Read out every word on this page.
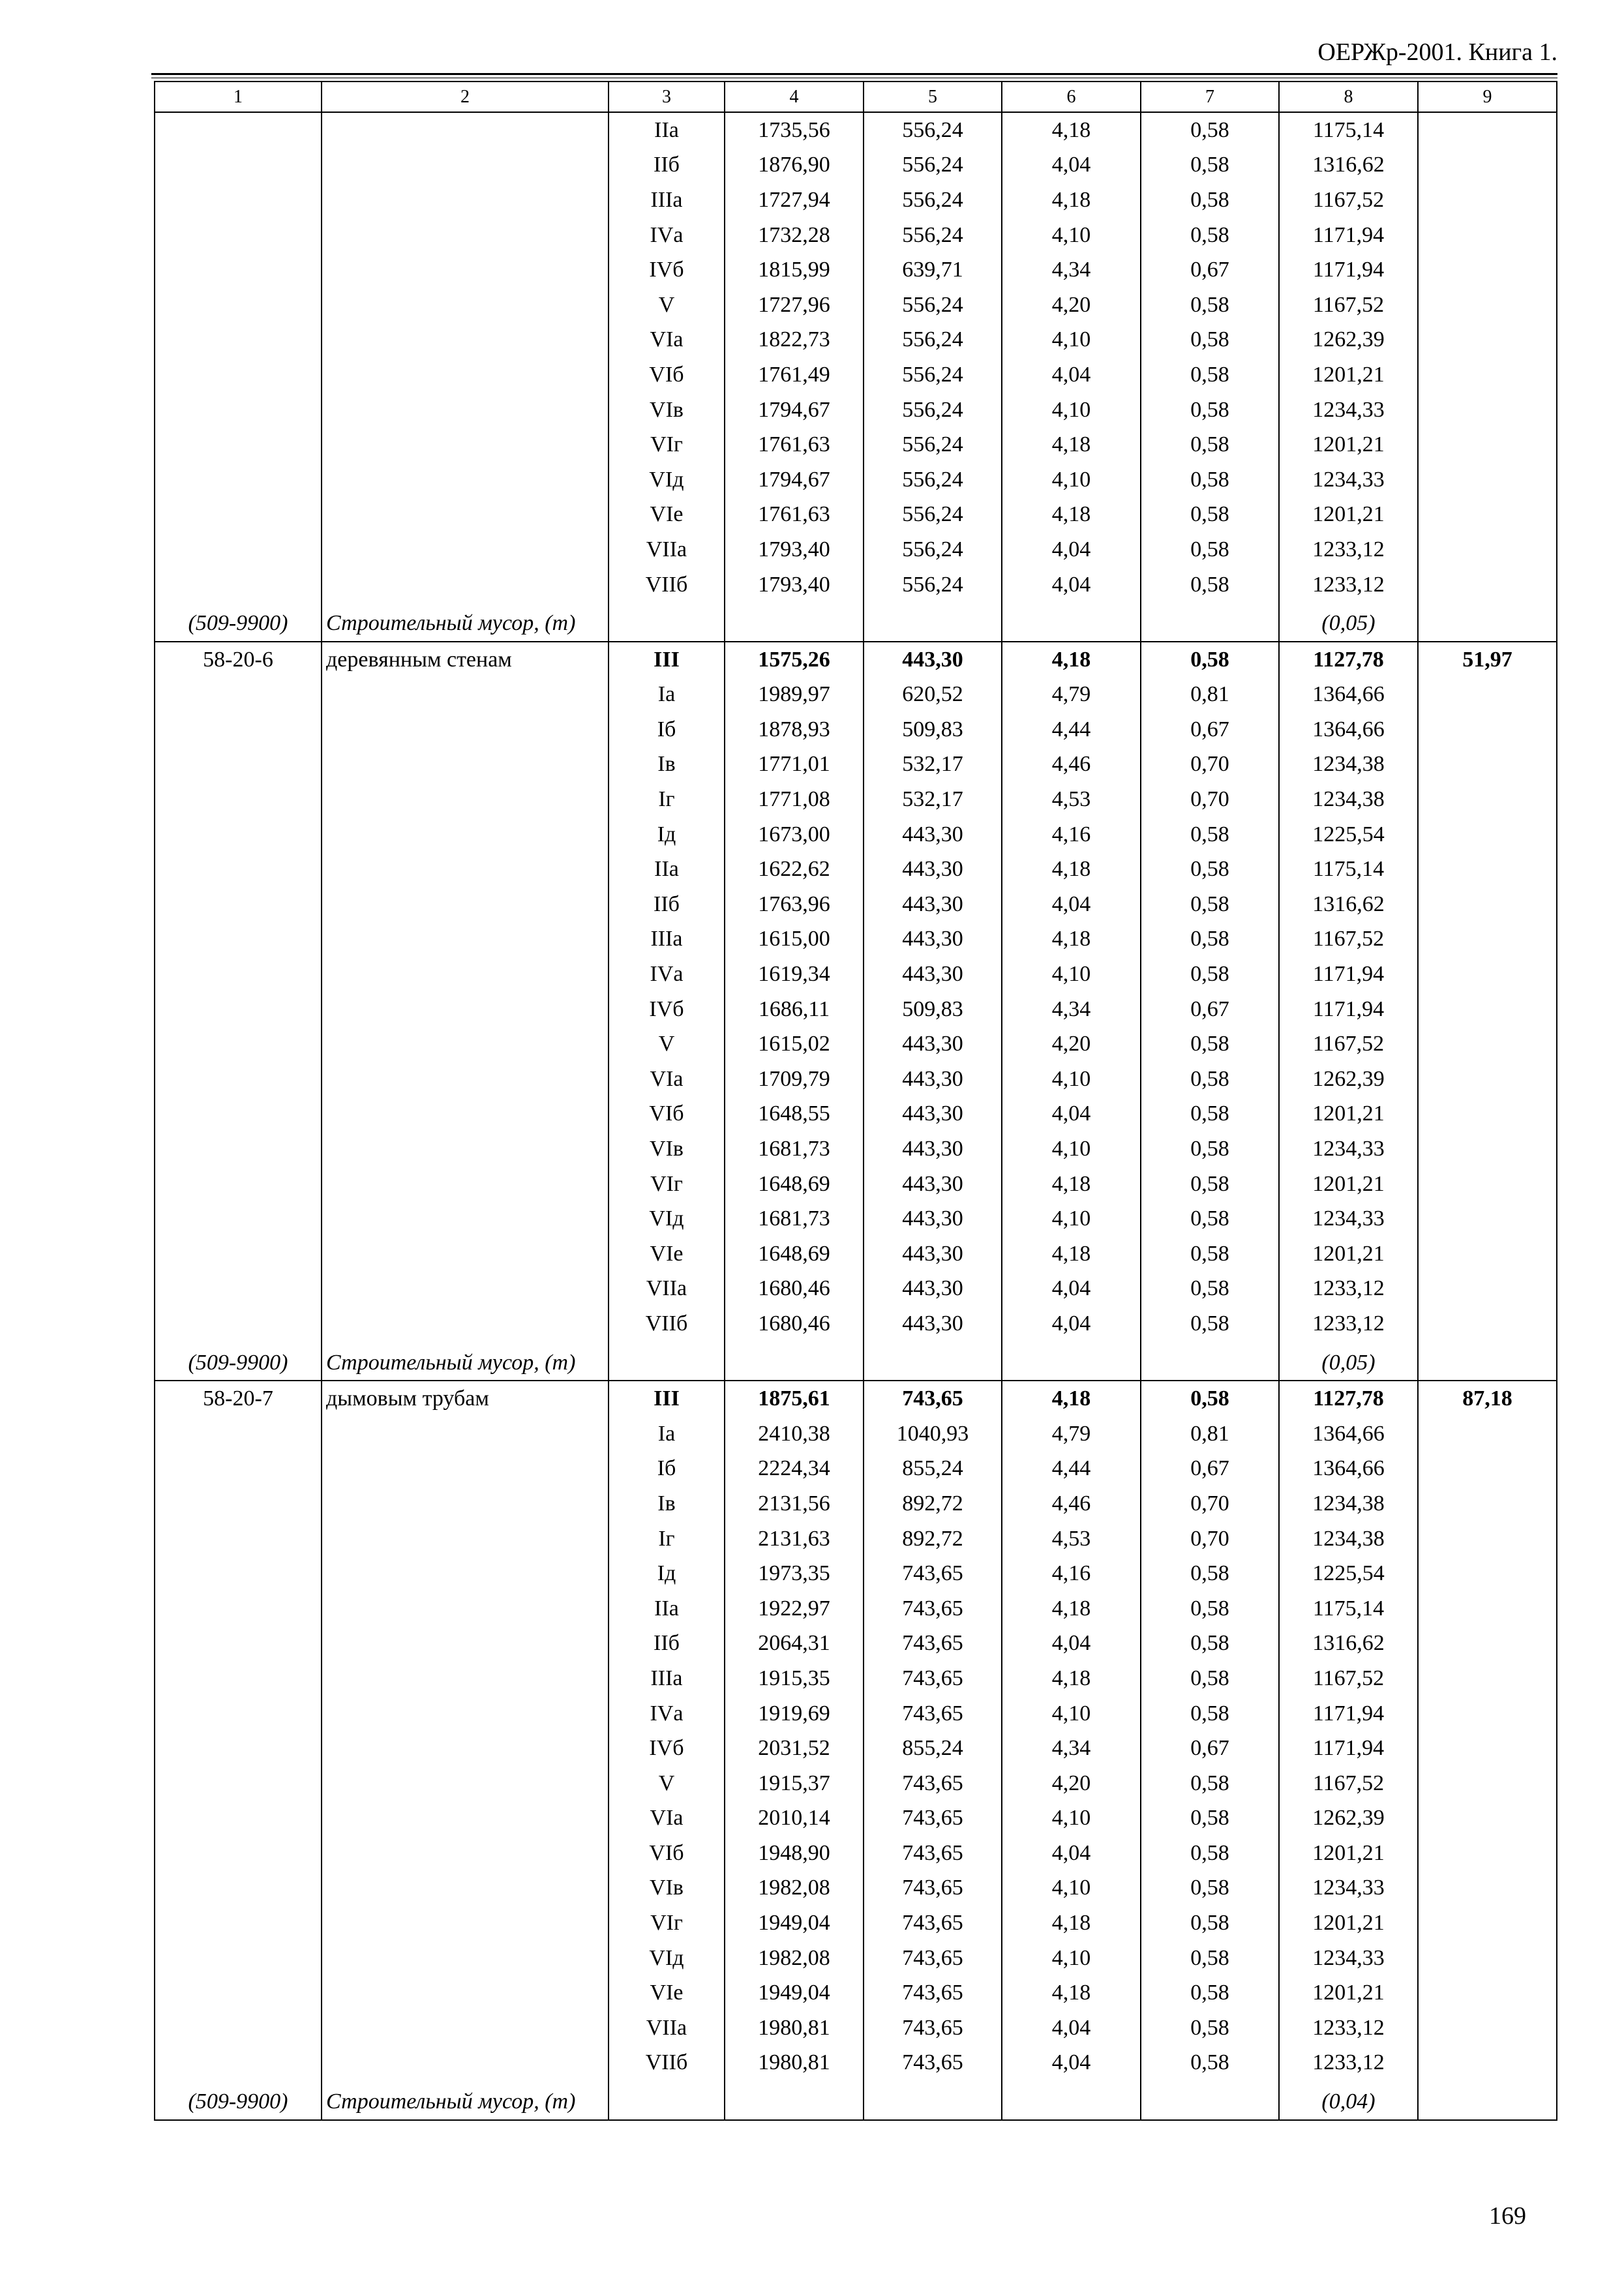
ОЕРЖр-2001. Книга 1.
1	2	3	4	5	6	7	8	9
		IIа	1735,56	556,24	4,18	0,58	1175,14	
		IIб	1876,90	556,24	4,04	0,58	1316,62	
		IIIа	1727,94	556,24	4,18	0,58	1167,52	
		IVа	1732,28	556,24	4,10	0,58	1171,94	
		IVб	1815,99	639,71	4,34	0,67	1171,94	
		V	1727,96	556,24	4,20	0,58	1167,52	
		VIа	1822,73	556,24	4,10	0,58	1262,39	
		VIб	1761,49	556,24	4,04	0,58	1201,21	
		VIв	1794,67	556,24	4,10	0,58	1234,33	
		VIг	1761,63	556,24	4,18	0,58	1201,21	
		VIд	1794,67	556,24	4,10	0,58	1234,33	
		VIе	1761,63	556,24	4,18	0,58	1201,21	
		VIIа	1793,40	556,24	4,04	0,58	1233,12	
		VIIб	1793,40	556,24	4,04	0,58	1233,12	
(509-9900)	Строительный мусор, (т)						(0,05)	
58-20-6	деревянным стенам	III	1575,26	443,30	4,18	0,58	1127,78	51,97
		Iа	1989,97	620,52	4,79	0,81	1364,66	
		Iб	1878,93	509,83	4,44	0,67	1364,66	
		Iв	1771,01	532,17	4,46	0,70	1234,38	
		Iг	1771,08	532,17	4,53	0,70	1234,38	
		Iд	1673,00	443,30	4,16	0,58	1225,54	
		IIа	1622,62	443,30	4,18	0,58	1175,14	
		IIб	1763,96	443,30	4,04	0,58	1316,62	
		IIIа	1615,00	443,30	4,18	0,58	1167,52	
		IVа	1619,34	443,30	4,10	0,58	1171,94	
		IVб	1686,11	509,83	4,34	0,67	1171,94	
		V	1615,02	443,30	4,20	0,58	1167,52	
		VIа	1709,79	443,30	4,10	0,58	1262,39	
		VIб	1648,55	443,30	4,04	0,58	1201,21	
		VIв	1681,73	443,30	4,10	0,58	1234,33	
		VIг	1648,69	443,30	4,18	0,58	1201,21	
		VIд	1681,73	443,30	4,10	0,58	1234,33	
		VIе	1648,69	443,30	4,18	0,58	1201,21	
		VIIа	1680,46	443,30	4,04	0,58	1233,12	
		VIIб	1680,46	443,30	4,04	0,58	1233,12	
(509-9900)	Строительный мусор, (т)						(0,05)	
58-20-7	дымовым трубам	III	1875,61	743,65	4,18	0,58	1127,78	87,18
		Iа	2410,38	1040,93	4,79	0,81	1364,66	
		Iб	2224,34	855,24	4,44	0,67	1364,66	
		Iв	2131,56	892,72	4,46	0,70	1234,38	
		Iг	2131,63	892,72	4,53	0,70	1234,38	
		Iд	1973,35	743,65	4,16	0,58	1225,54	
		IIа	1922,97	743,65	4,18	0,58	1175,14	
		IIб	2064,31	743,65	4,04	0,58	1316,62	
		IIIа	1915,35	743,65	4,18	0,58	1167,52	
		IVа	1919,69	743,65	4,10	0,58	1171,94	
		IVб	2031,52	855,24	4,34	0,67	1171,94	
		V	1915,37	743,65	4,20	0,58	1167,52	
		VIа	2010,14	743,65	4,10	0,58	1262,39	
		VIб	1948,90	743,65	4,04	0,58	1201,21	
		VIв	1982,08	743,65	4,10	0,58	1234,33	
		VIг	1949,04	743,65	4,18	0,58	1201,21	
		VIд	1982,08	743,65	4,10	0,58	1234,33	
		VIе	1949,04	743,65	4,18	0,58	1201,21	
		VIIа	1980,81	743,65	4,04	0,58	1233,12	
		VIIб	1980,81	743,65	4,04	0,58	1233,12	
(509-9900)	Строительный мусор, (т)						(0,04)	
169
